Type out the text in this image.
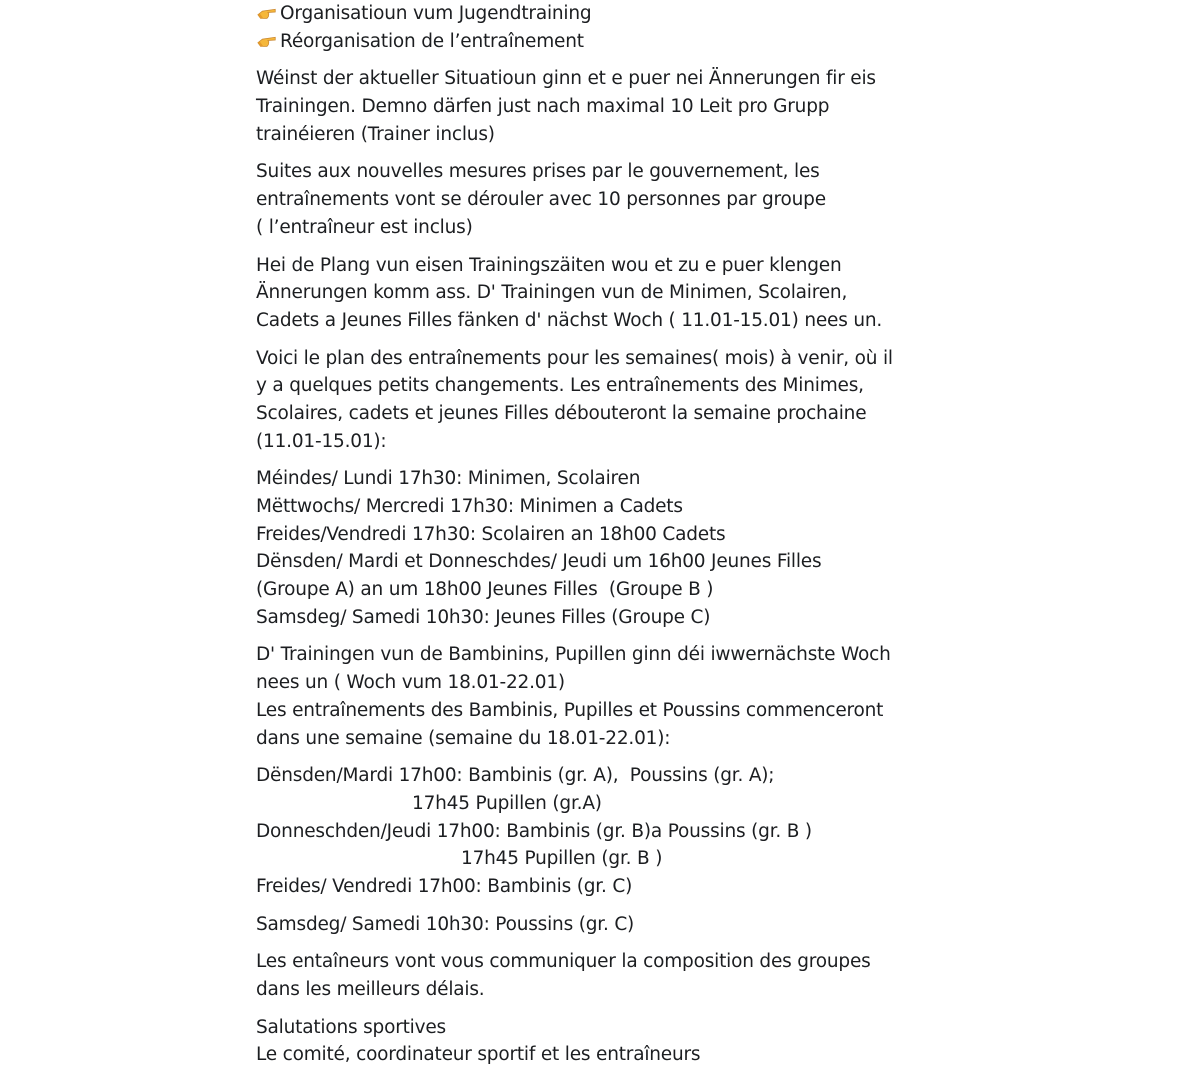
Organisatioun vum Jugendtraining
Réorganisation de l’entraînement
Wéinst der aktueller Situatioun ginn et e puer nei Ännerungen fir eis
Trainingen. Demno därfen just nach maximal 10 Leit pro Grupp
trainéieren (Trainer inclus)
Suites aux nouvelles mesures prises par le gouvernement, les
entraînements vont se dérouler avec 10 personnes par groupe
( l’entraîneur est inclus)
Hei de Plang vun eisen Trainingszäiten wou et zu e puer klengen
Ännerungen komm ass. D' Trainingen vun de Minimen, Scolairen,
Cadets a Jeunes Filles fänken d' nächst Woch ( 11.01-15.01) nees un.
Voici le plan des entraînements pour les semaines( mois) à venir, où il
y a quelques petits changements. Les entraînements des Minimes,
Scolaires, cadets et jeunes Filles débouteront la semaine prochaine
(11.01-15.01):
Méindes/ Lundi 17h30: Minimen, Scolairen
Mëttwochs/ Mercredi 17h30: Minimen a Cadets
Freides/Vendredi 17h30: Scolairen an 18h00 Cadets
Dënsden/ Mardi et Donneschdes/ Jeudi um 16h00 Jeunes Filles
(Groupe A) an um 18h00 Jeunes Filles  (Groupe B )
Samsdeg/ Samedi 10h30: Jeunes Filles (Groupe C)
D' Trainingen vun de Bambinins, Pupillen ginn déi iwwernächste Woch
nees un ( Woch vum 18.01-22.01)
Les entraînements des Bambinis, Pupilles et Poussins commenceront
dans une semaine (semaine du 18.01-22.01):
Dënsden/Mardi 17h00: Bambinis (gr. A),  Poussins (gr. A);
17h45 Pupillen (gr.A)
Donneschden/Jeudi 17h00: Bambinis (gr. B)a Poussins (gr. B )
17h45 Pupillen (gr. B )
Freides/ Vendredi 17h00: Bambinis (gr. C)
Samsdeg/ Samedi 10h30: Poussins (gr. C)
Les entaîneurs vont vous communiquer la composition des groupes
dans les meilleurs délais.
Salutations sportives
Le comité, coordinateur sportif et les entraîneurs
